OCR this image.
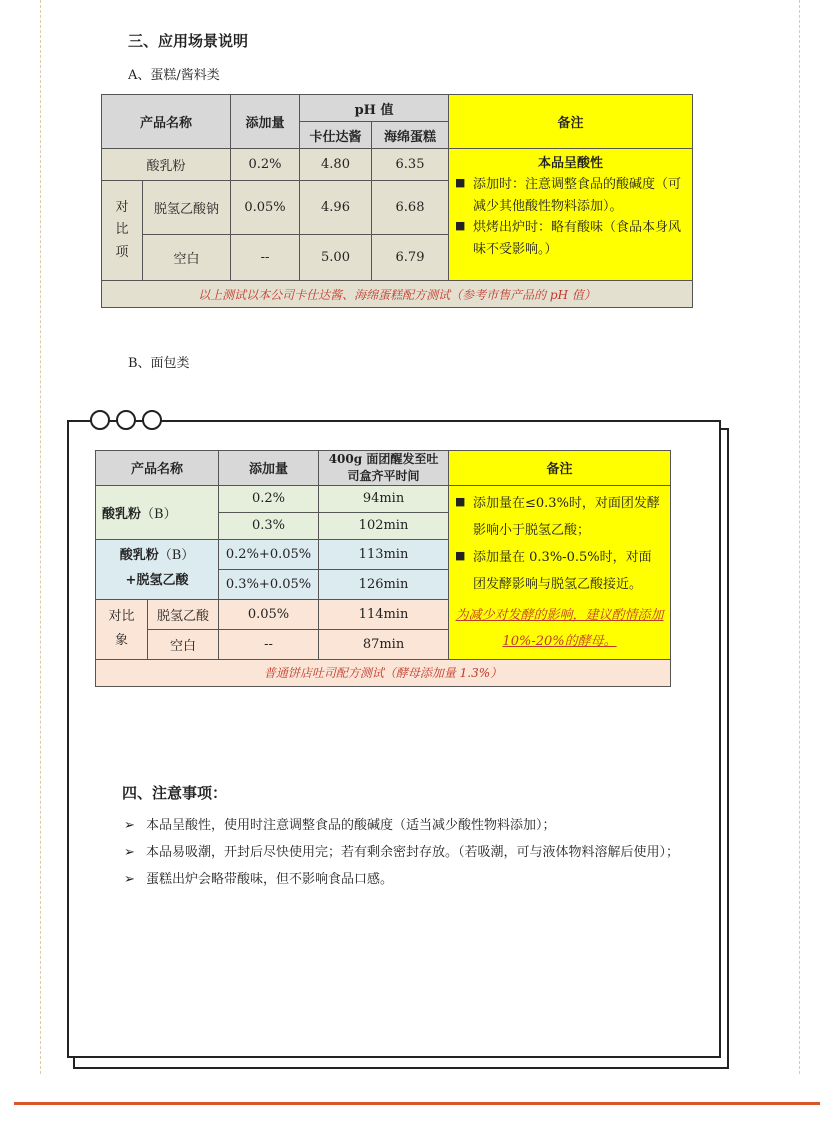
三、应用场景说明
A、蛋糕/酱料类
产品名称		添加量	pH 值		备注
			卡仕达酱	海绵蛋糕	
酸乳粉		0.2%	4.80	6.35	本品呈酸性
■ 添加时：注意调整食品的酸碱度（可减少其他酸性物料添加）。
■ 烘烤出炉时：略有酸味（食品本身风味不受影响。）

对
比
项	脱氢乙酸钠	0.05%	4.96	6.68	
	空白	--	5.00	6.79	
以上测试以本公司卡仕达酱、海绵蛋糕配方测试（参考市售产品的 pH 值）					
B、面包类
产品名称		添加量	400g 面团醒发至吐司盒齐平时间	备注
酸乳粉（B）		0.2%	94min	■ 添加量在≤0.3%时，对面团发酵影响小于脱氢乙酸；
■ 添加量在 0.3%-0.5%时，对面团发酵影响与脱氢乙酸接近。
为减少对发酵的影响，建议酌情添加10%-20%的酵母。

		0.3%	102min	

酸乳粉（B）
+脱氢乙酸		0.2%+0.05%	113min	
		0.3%+0.05%	126min	
对比
象	脱氢乙酸	0.05%	114min	
	空白	--	87min	
普通饼店吐司配方测试（酵母添加量 1.3%）				
四、注意事项：
➢ 本品呈酸性，使用时注意调整食品的酸碱度（适当减少酸性物料添加）；
➢ 本品易吸潮，开封后尽快使用完；若有剩余密封存放。（若吸潮，可与液体物料溶解后使用）；
➢ 蛋糕出炉会略带酸味，但不影响食品口感。
